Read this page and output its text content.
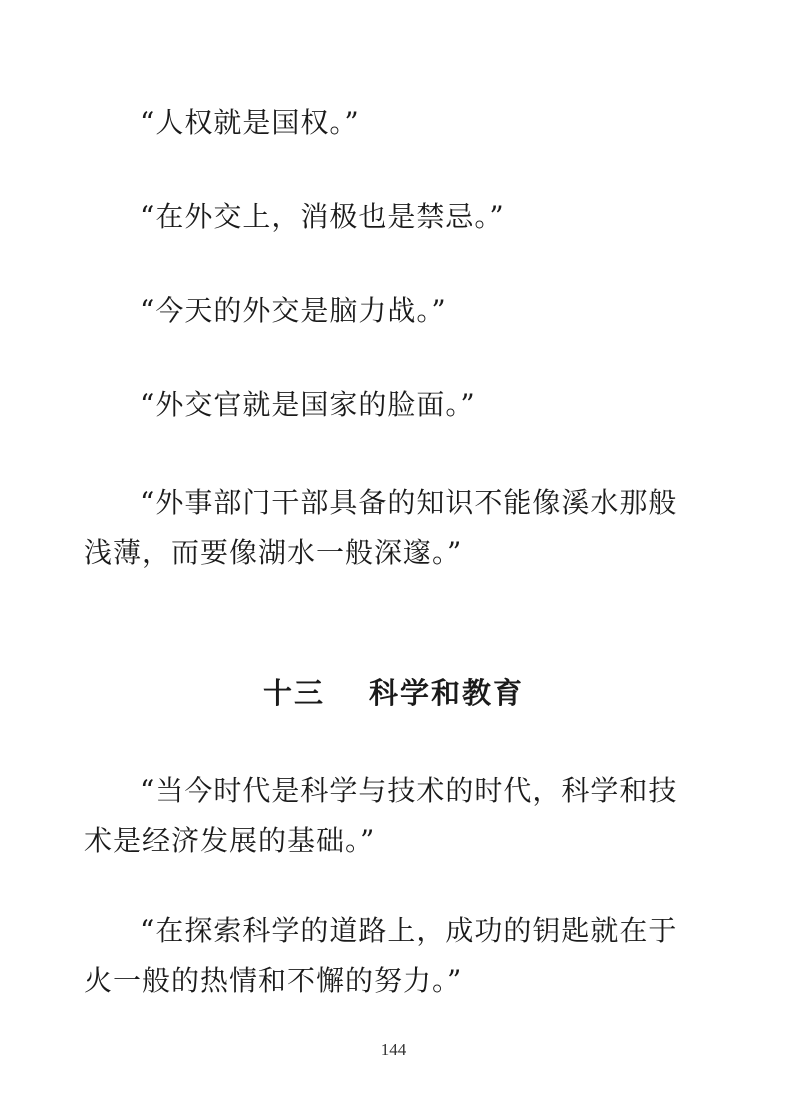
“人权就是国权。”

“在外交上，消极也是禁忌。”

“今天的外交是脑力战。”

“外交官就是国家的脸面。”

“外事部门干部具备的知识不能像溪水那般浅薄，而要像湖水一般深邃。”

十三 科学和教育

“当今时代是科学与技术的时代，科学和技术是经济发展的基础。”

“在探索科学的道路上，成功的钥匙就在于火一般的热情和不懈的努力。”

144
